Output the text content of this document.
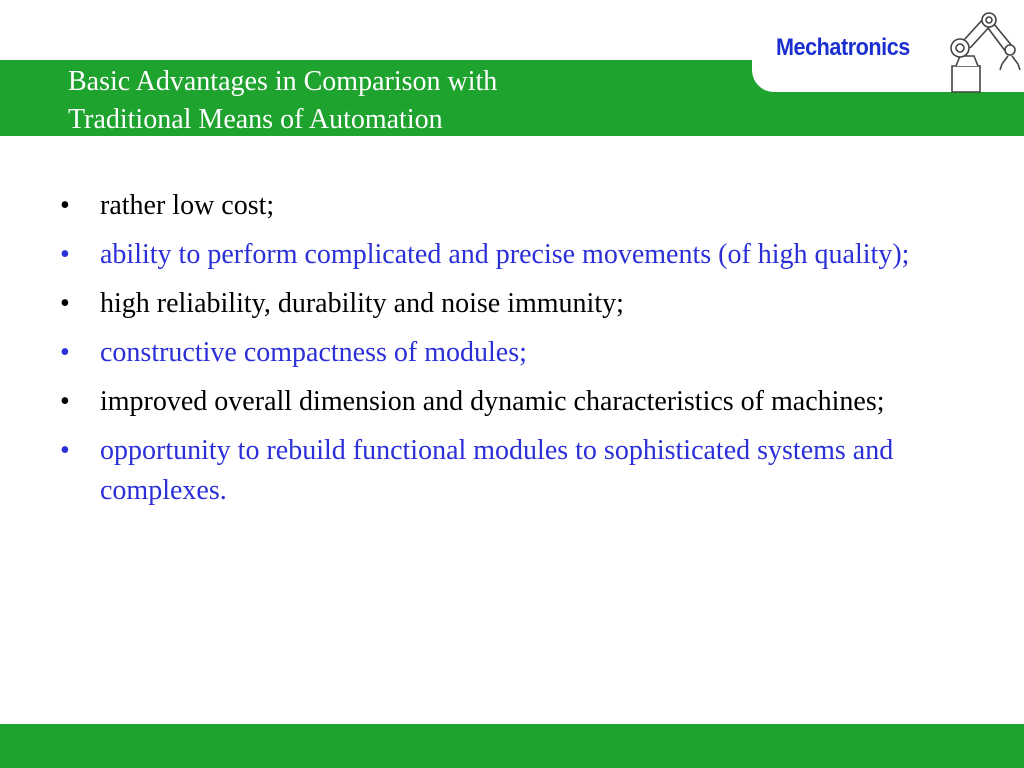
Basic Advantages in Comparison with
Traditional Means of Automation
Mechatronics
• rather low cost;
• ability to perform complicated and precise movements (of high quality);
• high reliability, durability and noise immunity;
• constructive compactness of modules;
• improved overall dimension and dynamic characteristics of machines;
• opportunity to rebuild functional modules to sophisticated systems and complexes.
